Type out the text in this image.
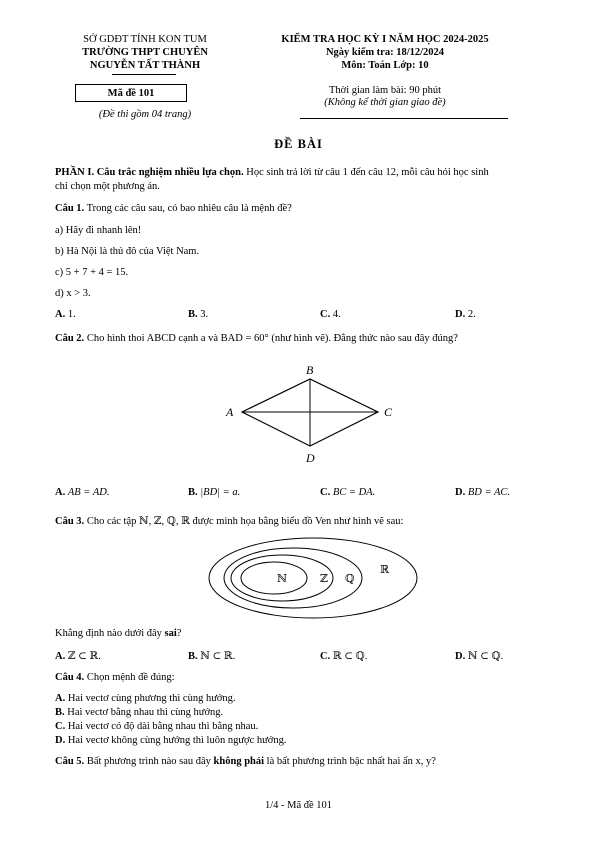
SỞ GDĐT TỈNH KON TUM
TRƯỜNG THPT CHUYÊN
NGUYỄN TẤT THÀNH
Mã đề 101
(Đề thi gồm 04 trang)
KIỂM TRA HỌC KỲ I NĂM HỌC 2024-2025
Ngày kiểm tra: 18/12/2024
Môn: Toán Lớp: 10
Thời gian làm bài: 90 phút
(Không kể thời gian giao đề)
ĐỀ BÀI
PHẦN I. Câu trắc nghiệm nhiều lựa chọn. Học sinh trả lời từ câu 1 đến câu 12, mỗi câu hỏi học sinh
chỉ chọn một phương án.
Câu 1. Trong các câu sau, có bao nhiêu câu là mệnh đề?
a) Hãy đi nhanh lên!
b) Hà Nội là thủ đô của Việt Nam.
c) 5 + 7 + 4 = 15.
d) x > 3.
A. 1.	B. 3.	C. 4.	D. 2.
Câu 2. Cho hình thoi ABCD cạnh a và BAD = 60° (như hình vẽ). Đẳng thức nào sau đây đúng?
A
B
C
D
A. AB = AD.	B. |BD| = a.	C. BC = DA.	D. BD = AC.
Câu 3. Cho các tập ℕ, ℤ, ℚ, ℝ được minh họa bằng biểu đồ Ven như hình vẽ sau:
ℕ	ℤ ℚ
ℝ
Khẳng định nào dưới đây sai?
A. ℤ ⊂ ℝ.	B. ℕ ⊂ ℝ.	C. ℝ ⊂ ℚ.	D. ℕ ⊂ ℚ.
Câu 4. Chọn mệnh đề đúng:
A. Hai vectơ cùng phương thì cùng hướng.
B. Hai vectơ bằng nhau thì cùng hướng.
C. Hai vectơ có độ dài bằng nhau thì bằng nhau.
D. Hai vectơ không cùng hướng thì luôn ngược hướng.
Câu 5. Bất phương trình nào sau đây không phải là bất phương trình bậc nhất hai ẩn x, y?
1/4 - Mã đề 101
